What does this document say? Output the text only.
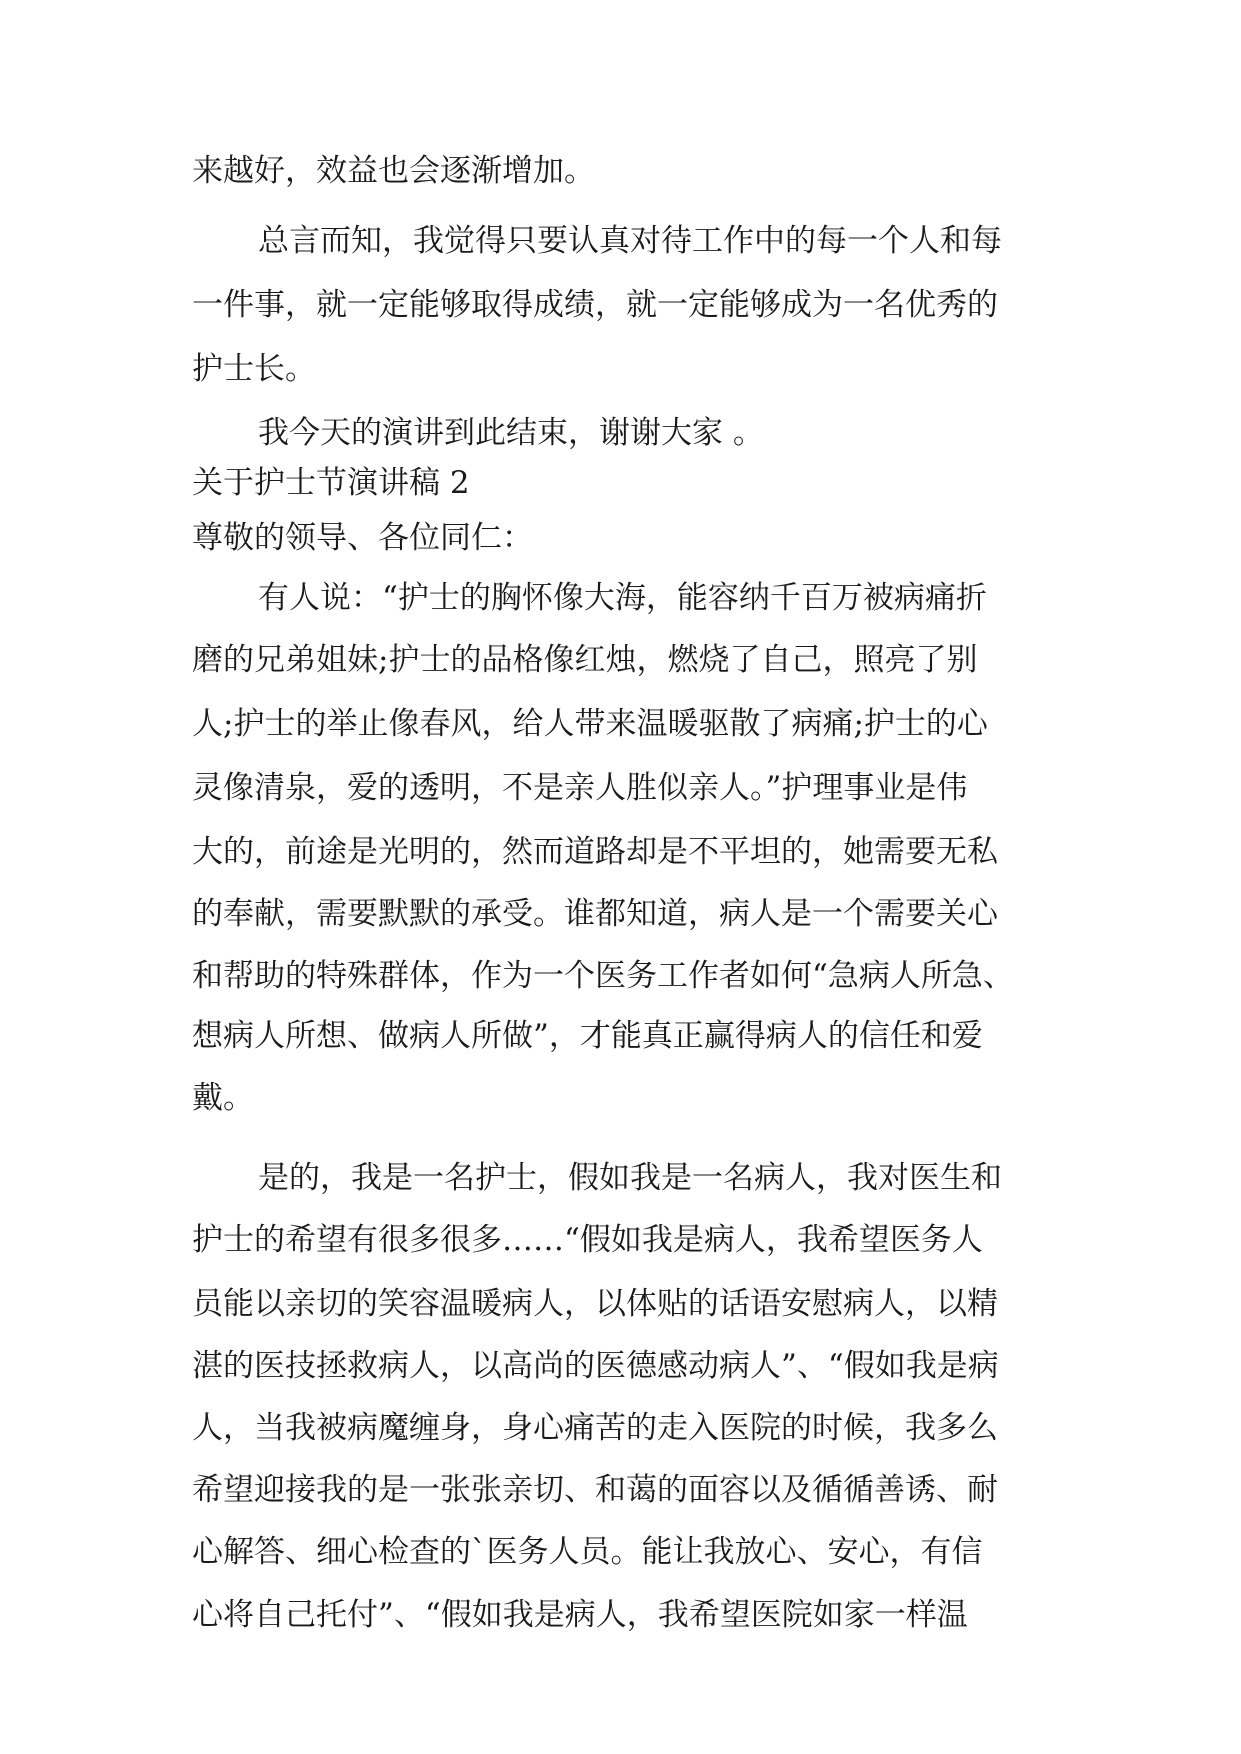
来越好，效益也会逐渐增加。
总言而知，我觉得只要认真对待工作中的每一个人和每
一件事，就一定能够取得成绩，就一定能够成为一名优秀的
护士长。
我今天的演讲到此结束，谢谢大家 。
关于护士节演讲稿 2
尊敬的领导、各位同仁：
有人说：“护士的胸怀像大海，能容纳千百万被病痛折
磨的兄弟姐妹;护士的品格像红烛，燃烧了自己，照亮了别
人;护士的举止像春风，给人带来温暖驱散了病痛;护士的心
灵像清泉，爱的透明，不是亲人胜似亲人。”护理事业是伟
大的，前途是光明的，然而道路却是不平坦的，她需要无私
的奉献，需要默默的承受。谁都知道，病人是一个需要关心
和帮助的特殊群体，作为一个医务工作者如何“急病人所急、
想病人所想、做病人所做”，才能真正赢得病人的信任和爱
戴。
是的，我是一名护士，假如我是一名病人，我对医生和
护士的希望有很多很多……“假如我是病人，我希望医务人
员能以亲切的笑容温暖病人，以体贴的话语安慰病人，以精
湛的医技拯救病人，以高尚的医德感动病人”、“假如我是病
人，当我被病魔缠身，身心痛苦的走入医院的时候，我多么
希望迎接我的是一张张亲切、和蔼的面容以及循循善诱、耐
心解答、细心检查的`医务人员。能让我放心、安心，有信
心将自己托付”、“假如我是病人，我希望医院如家一样温
